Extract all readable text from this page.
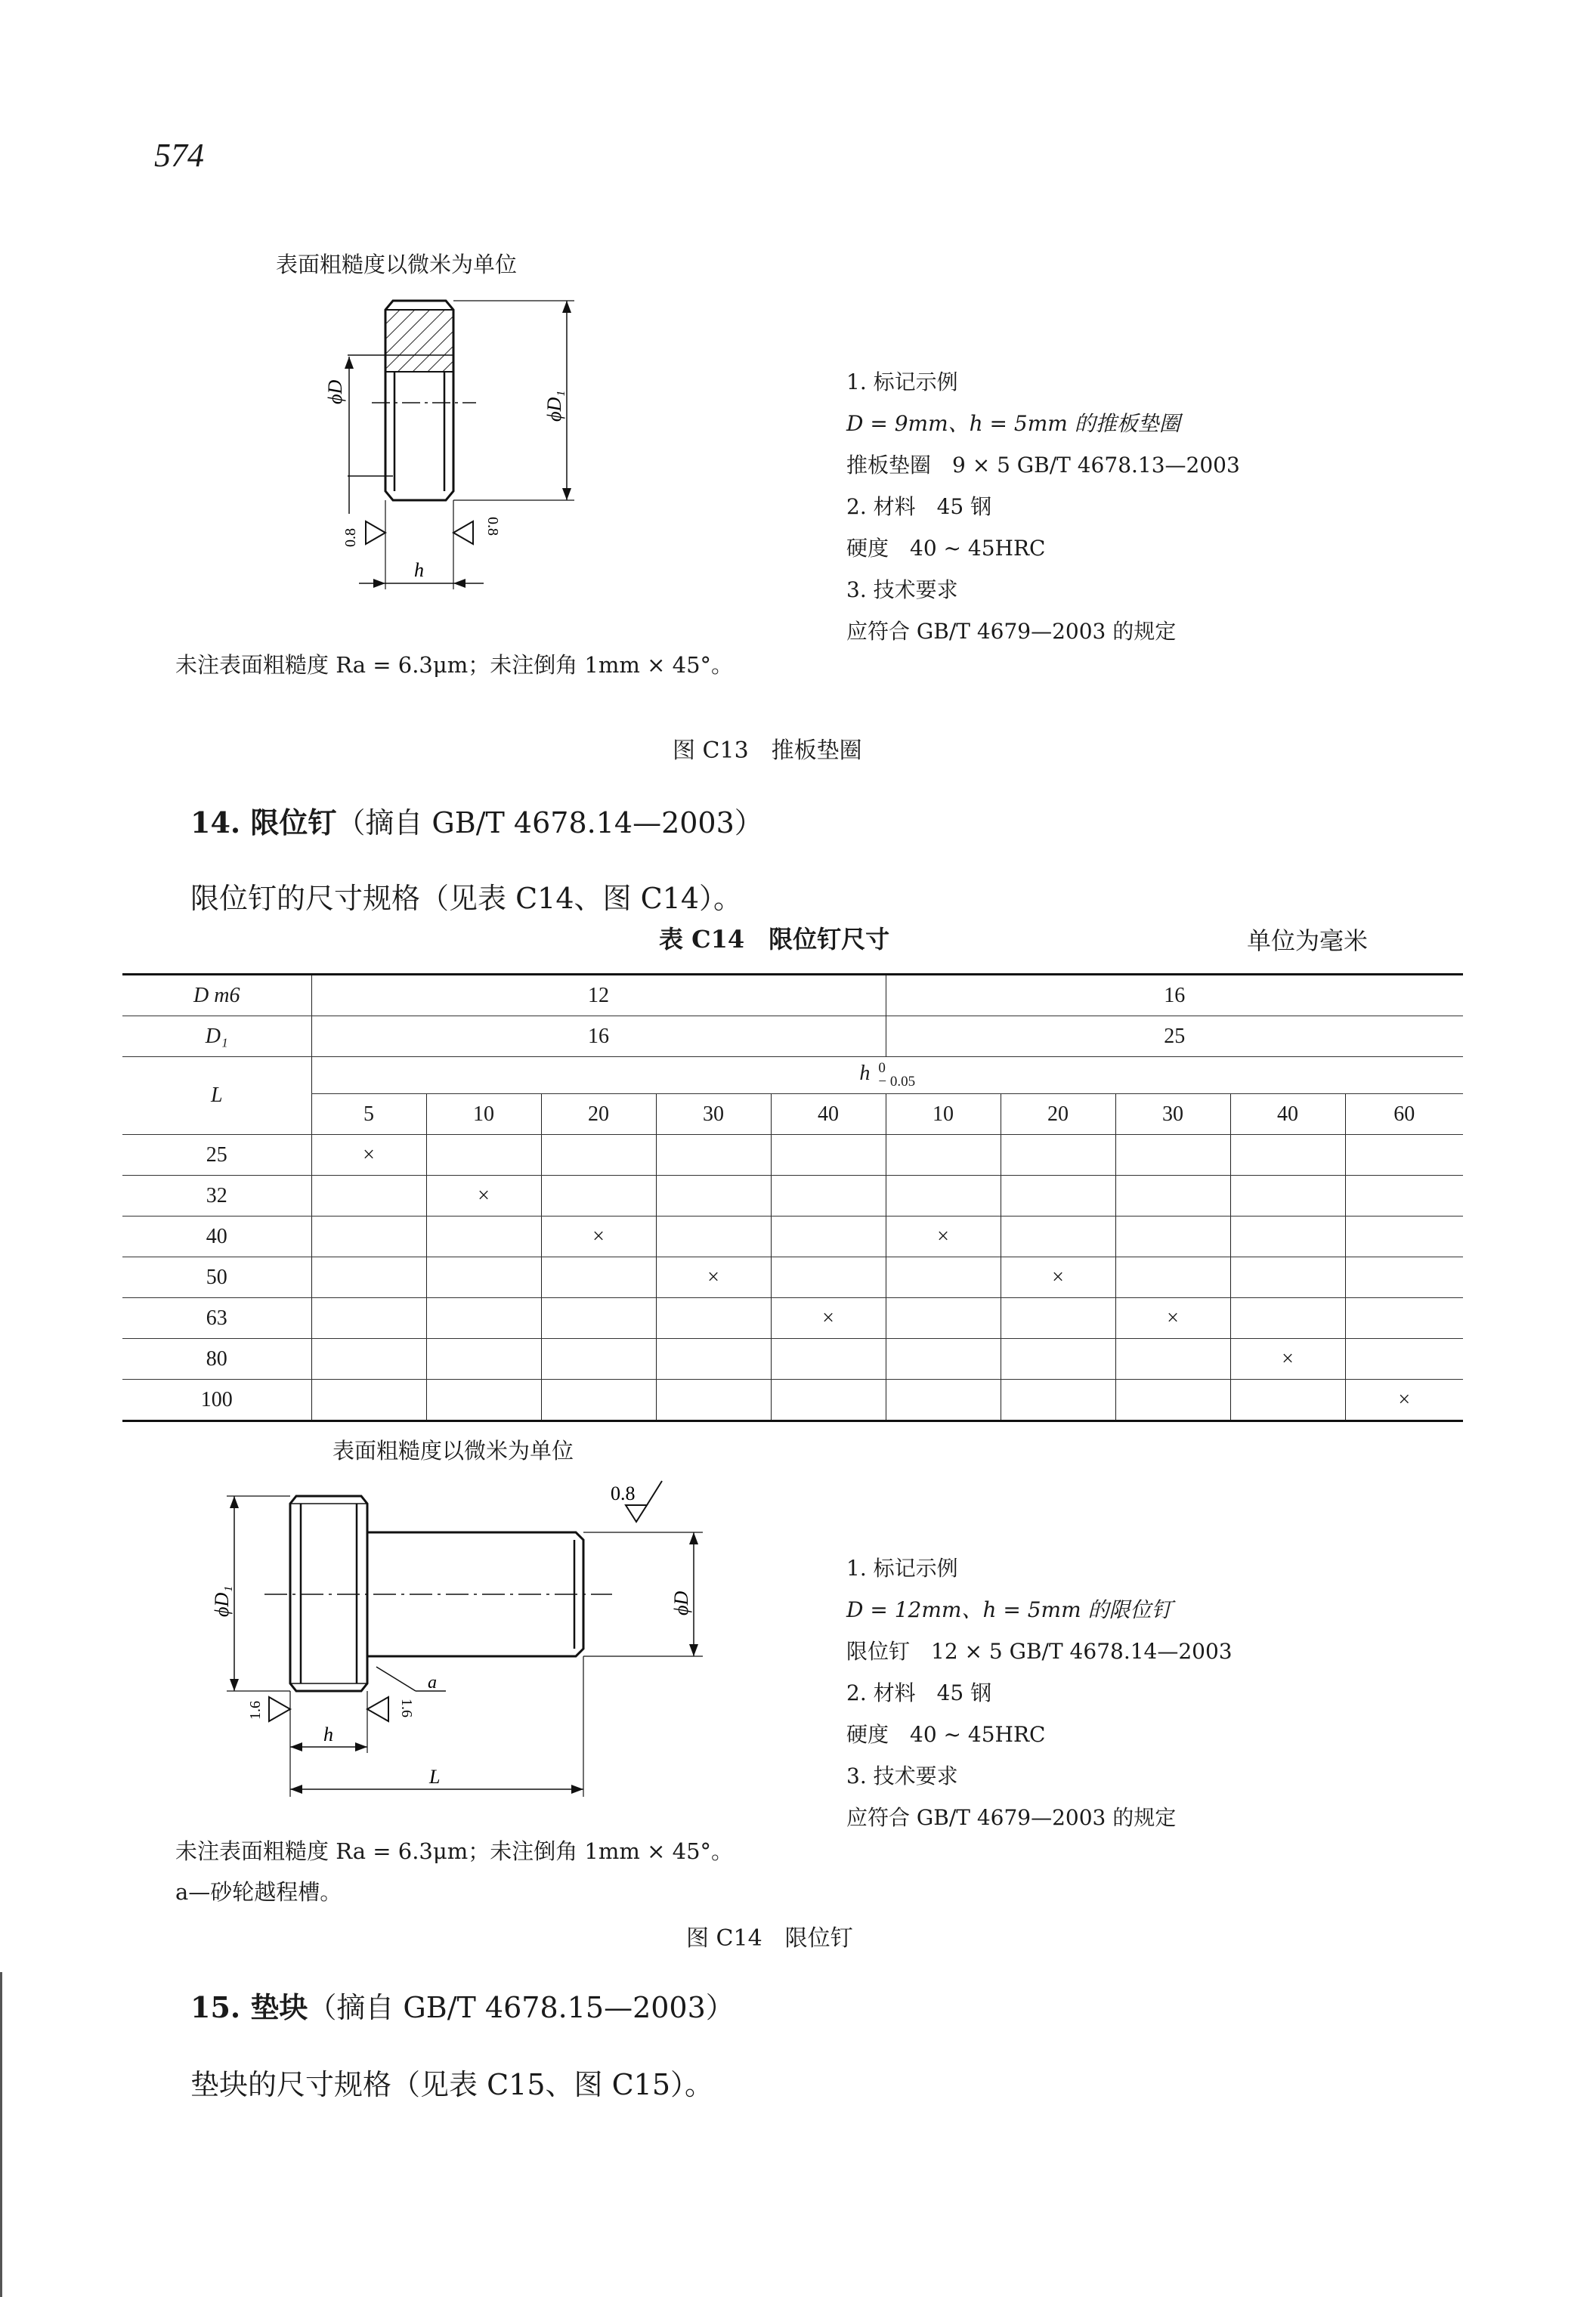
574
表面粗糙度以微米为单位
ϕD	ϕD₁
h
0.8
0.8
1. 标记示例
D = 9mm、h = 5mm 的推板垫圈
推板垫圈　9 × 5 GB/T 4678.13—2003
2. 材料　45 钢
硬度　40 ~ 45HRC
3. 技术要求
应符合 GB/T 4679—2003 的规定
未注表面粗糙度 Ra = 6.3μm；未注倒角 1mm × 45°。
图 C13　推板垫圈
14. 限位钉（摘自 GB/T 4678.14—2003）
限位钉的尺寸规格（见表 C14、图 C14）。
表 C14　限位钉尺寸	单位为毫米
D m6	12					16				
D₁	16					25				
L	h 0
− 0.05									

	5	10	20	30	40	10	20	30	40	60
25	×									
32		×								
40			×			×				
50				×			×			
63					×			×		
80									×	
100										×
表面粗糙度以微米为单位
ϕD₁	ϕD
0.8
a
1.6	1.6
h
L
1. 标记示例
D = 12mm、h = 5mm 的限位钉
限位钉　12 × 5 GB/T 4678.14—2003
2. 材料　45 钢
硬度　40 ~ 45HRC
3. 技术要求
应符合 GB/T 4679—2003 的规定
未注表面粗糙度 Ra = 6.3μm；未注倒角 1mm × 45°。
a—砂轮越程槽。
图 C14　限位钉
15. 垫块（摘自 GB/T 4678.15—2003）
垫块的尺寸规格（见表 C15、图 C15）。
